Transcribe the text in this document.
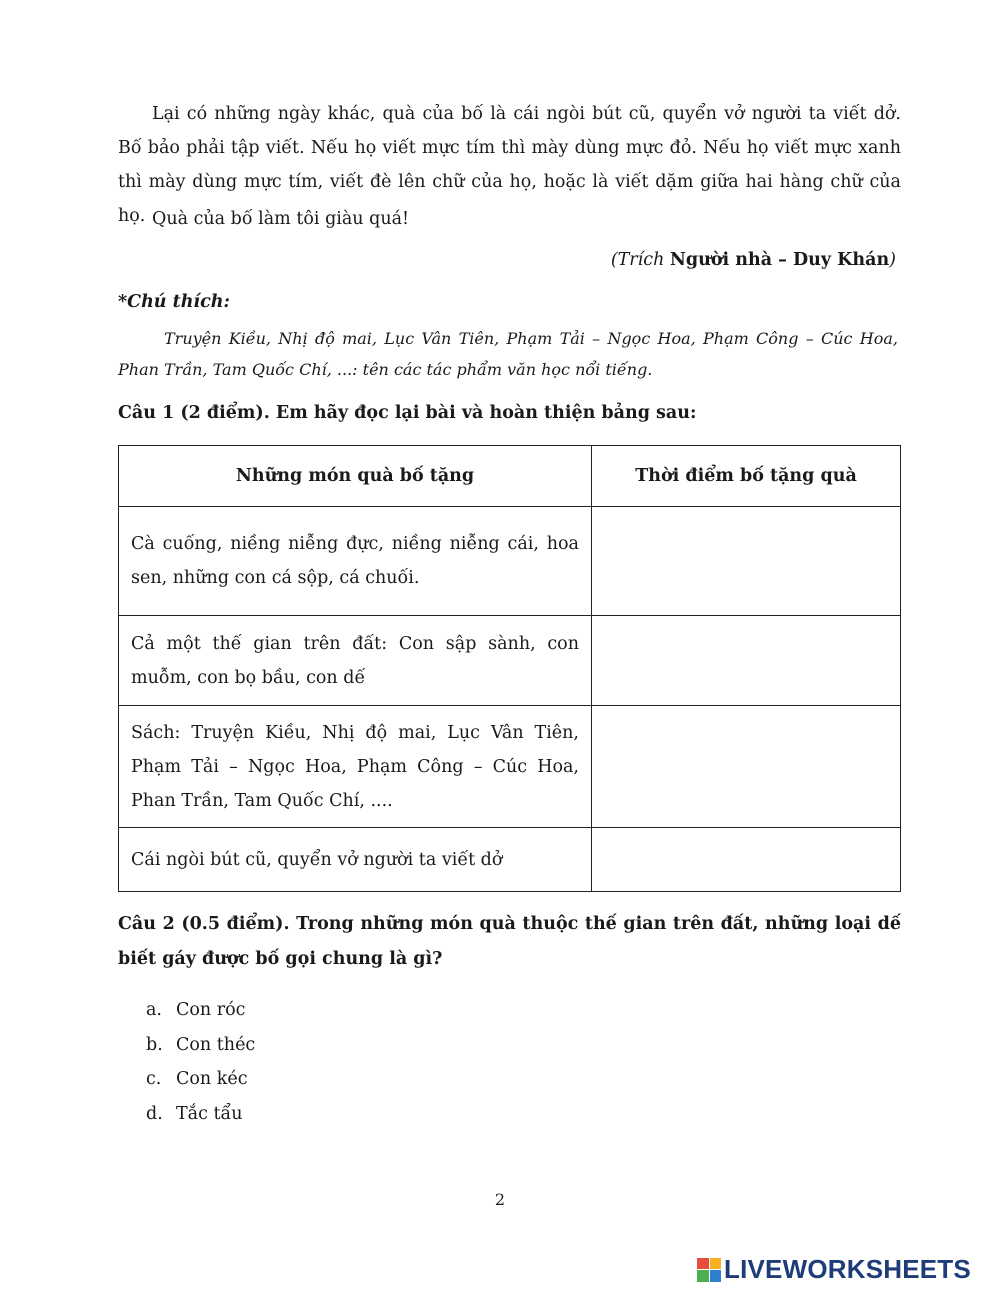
Lại có những ngày khác, quà của bố là cái ngòi bút cũ, quyển vở người ta viết dở. Bố bảo phải tập viết. Nếu họ viết mực tím thì mày dùng mực đỏ. Nếu họ viết mực xanh thì mày dùng mực tím, viết đè lên chữ của họ, hoặc là viết dặm giữa hai hàng chữ của họ. Quà của bố làm tôi giàu quá!
(Trích Người nhà – Duy Khán)
*Chú thích:
Truyện Kiều, Nhị độ mai, Lục Vân Tiên, Phạm Tải – Ngọc Hoa, Phạm Công – Cúc Hoa, Phan Trần, Tam Quốc Chí, ...: tên các tác phẩm văn học nổi tiếng.
Câu 1 (2 điểm). Em hãy đọc lại bài và hoàn thiện bảng sau:
Những món quà bố tặng	Thời điểm bố tặng quà
Cà cuống, niềng niễng đực, niềng niễng cái, hoa sen, những con cá sộp, cá chuối.	
Cả một thế gian trên đất: Con sập sành, con muỗm, con bọ bầu, con dế	
Sách: Truyện Kiều, Nhị độ mai, Lục Vân Tiên, Phạm Tải – Ngọc Hoa, Phạm Công – Cúc Hoa, Phan Trần, Tam Quốc Chí, ....	
Cái ngòi bút cũ, quyển vở người ta viết dở	
Câu 2 (0.5 điểm). Trong những món quà thuộc thế gian trên đất, những loại dế biết gáy được bố gọi chung là gì?
a. Con róc
b. Con théc
c. Con kéc
d. Tắc tẩu
2
LIVEWORKSHEETS
